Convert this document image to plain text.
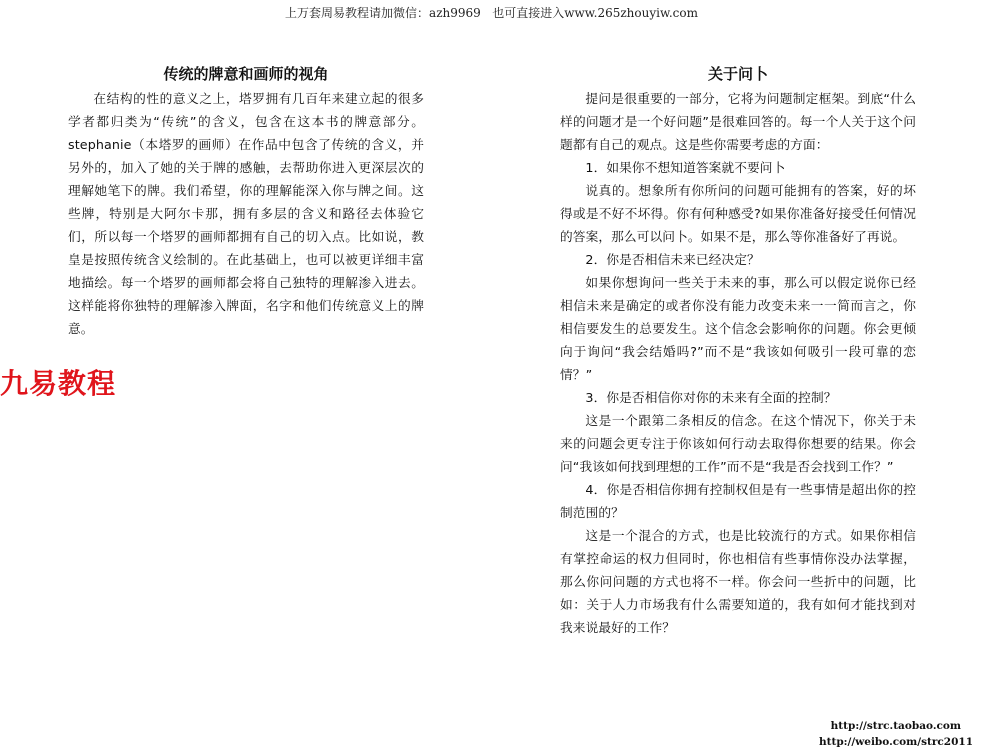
上万套周易教程请加微信：azh9969   也可直接进入www.265zhouyiw.com
传统的牌意和画师的视角

在结构的性的意义之上，塔罗拥有几百年来建立起的很多学者都归类为“传统”的含义，包含在这本书的牌意部分。stephanie（本塔罗的画师）在作品中包含了传统的含义，并另外的，加入了她的关于牌的感触，去帮助你进入更深层次的理解她笔下的牌。我们希望，你的理解能深入你与牌之间。这些牌，特别是大阿尔卡那，拥有多层的含义和路径去体验它们，所以每一个塔罗的画师都拥有自己的切入点。比如说，教皇是按照传统含义绘制的。在此基础上，也可以被更详细丰富地描绘。每一个塔罗的画师都会将自己独特的理解渗入进去。这样能将你独特的理解渗入牌面，名字和他们传统意义上的牌意。

九易教程
关于问卜

提问是很重要的一部分，它将为问题制定框架。到底“什么样的问题才是一个好问题”是很难回答的。每一个人关于这个问题都有自己的观点。这是些你需要考虑的方面：

1．如果你不想知道答案就不要问卜

说真的。想象所有你所问的问题可能拥有的答案，好的坏得或是不好不坏得。你有何种感受?如果你准备好接受任何情况的答案，那么可以问卜。如果不是，那么等你准备好了再说。

2．你是否相信未来已经决定？

如果你想询问一些关于未来的事，那么可以假定说你已经相信未来是确定的或者你没有能力改变未来一一简而言之，你相信要发生的总要发生。这个信念会影响你的问题。你会更倾向于询问“我会结婚吗?”而不是“我该如何吸引一段可靠的恋情？”

3．你是否相信你对你的未来有全面的控制？

这是一个跟第二条相反的信念。在这个情况下，你关于未来的问题会更专注于你该如何行动去取得你想要的结果。你会问“我该如何找到理想的工作”而不是“我是否会找到工作？”

4．你是否相信你拥有控制权但是有一些事情是超出你的控制范围的？

这是一个混合的方式，也是比较流行的方式。如果你相信有掌控命运的权力但同时，你也相信有些事情你没办法掌握，那么你问问题的方式也将不一样。你会问一些折中的问题，比如：关于人力市场我有什么需要知道的，我有如何才能找到对我来说最好的工作？

http://strc.taobao.com
http://weibo.com/strc2011
